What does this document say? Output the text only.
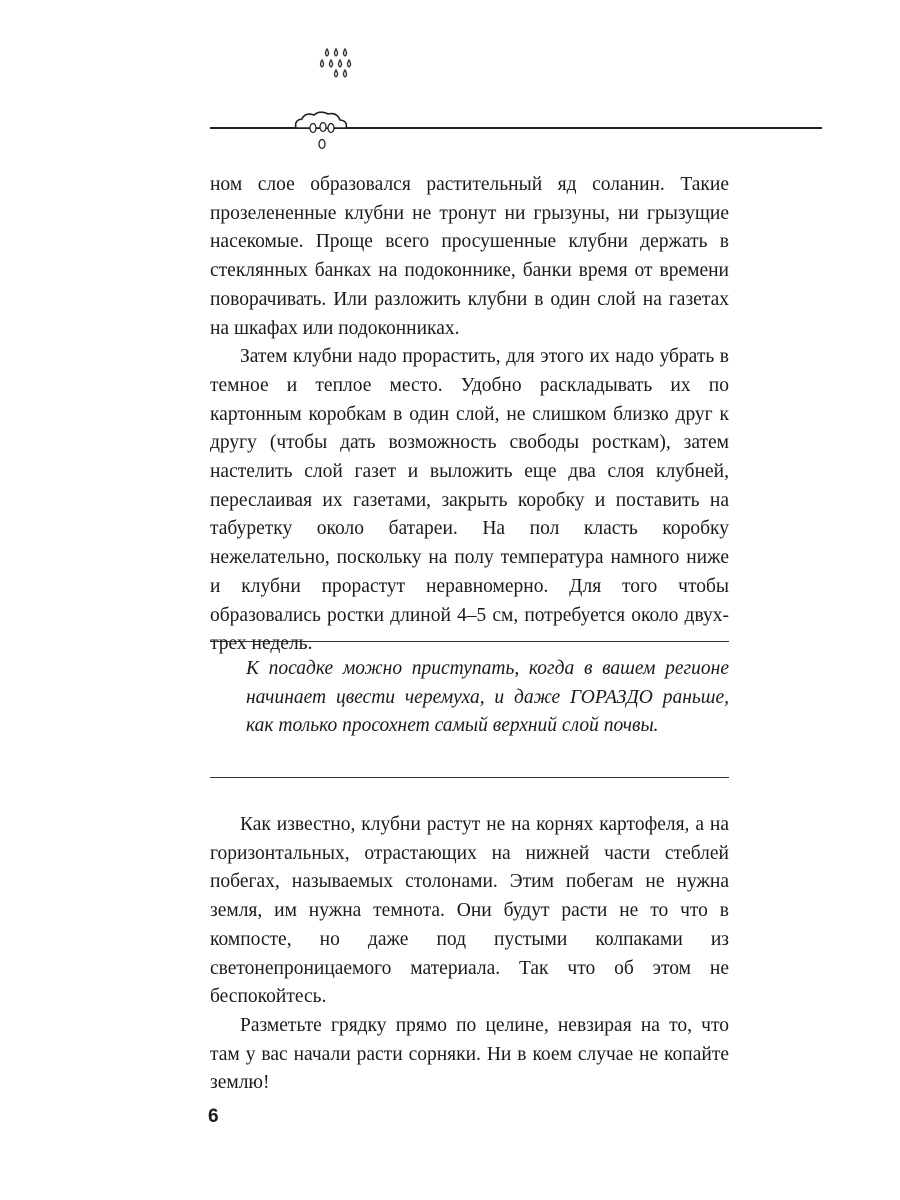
ном слое образовался растительный яд соланин. Такие прозелененные клубни не тронут ни грызуны, ни грызущие насекомые. Проще всего просушенные клубни держать в стеклянных банках на подоконнике, банки время от времени поворачивать. Или разложить клубни в один слой на газетах на шкафах или подоконниках.

Затем клубни надо прорастить, для этого их надо убрать в темное и теплое место. Удобно раскладывать их по картонным коробкам в один слой, не слишком близко друг к другу (чтобы дать возможность свободы росткам), затем настелить слой газет и выложить еще два слоя клубней, переслаивая их газетами, закрыть коробку и поставить на табуретку около батареи. На пол класть коробку нежелательно, поскольку на полу температура намного ниже и клубни прорастут неравномерно. Для того чтобы образовались ростки длиной 4–5 см, потребуется около двух-трех недель.

К посадке можно приступать, когда в вашем регионе начинает цвести черемуха, и даже ГОРАЗДО раньше, как только просохнет самый верхний слой почвы.

Как известно, клубни растут не на корнях картофеля, а на горизонтальных, отрастающих на нижней части стеблей побегах, называемых столонами. Этим побегам не нужна земля, им нужна темнота. Они будут расти не то что в компосте, но даже под пустыми колпаками из светонепроницаемого материала. Так что об этом не беспокойтесь.

Разметьте грядку прямо по целине, невзирая на то, что там у вас начали расти сорняки. Ни в коем случае не копайте землю!

6
